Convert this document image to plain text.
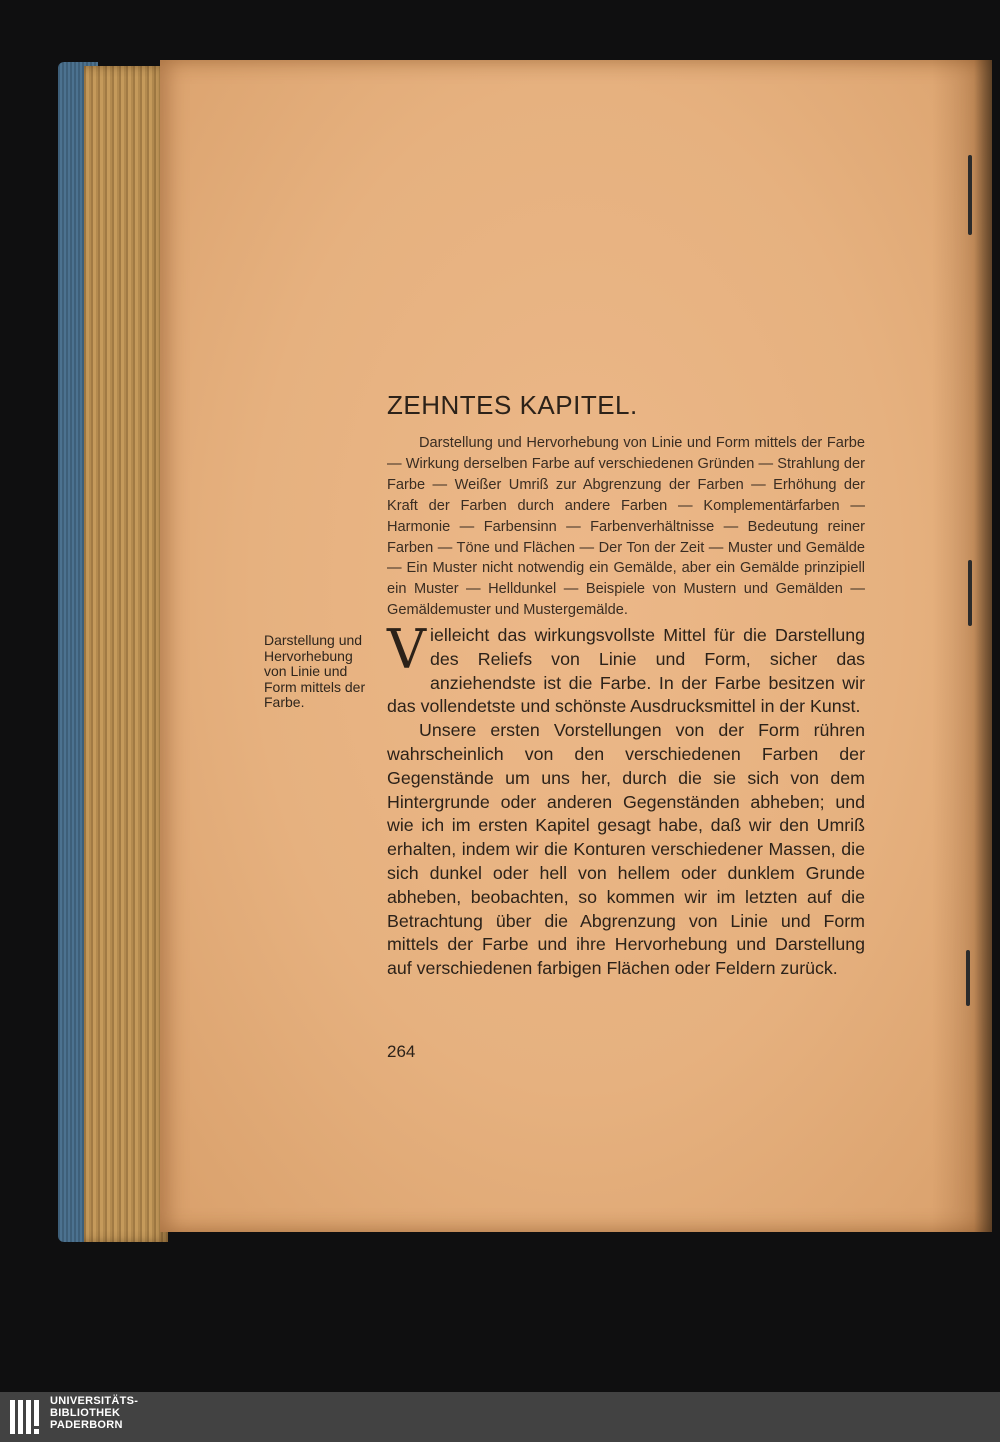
ZEHNTES KAPITEL.

Darstellung und Hervorhebung von Linie und Form mittels der Farbe — Wirkung derselben Farbe auf verschiedenen Gründen — Strahlung der Farbe — Weißer Umriß zur Abgrenzung der Farben — Erhöhung der Kraft der Farben durch andere Farben — Komplementärfarben — Harmonie — Farbensinn — Farbenverhältnisse — Bedeutung reiner Farben — Töne und Flächen — Der Ton der Zeit — Muster und Gemälde — Ein Muster nicht notwendig ein Gemälde, aber ein Gemälde prinzipiell ein Muster — Helldunkel — Beispiele von Mustern und Gemälden — Gemäldemuster und Mustergemälde.

Darstellung und Hervorhebung von Linie und Form mittels der Farbe.

Vielleicht das wirkungsvollste Mittel für die Darstellung des Reliefs von Linie und Form, sicher das anziehendste ist die Farbe. In der Farbe besitzen wir das vollendetste und schönste Ausdrucksmittel in der Kunst.

Unsere ersten Vorstellungen von der Form rühren wahrscheinlich von den verschiedenen Farben der Gegenstände um uns her, durch die sie sich von dem Hintergrunde oder anderen Gegenständen abheben; und wie ich im ersten Kapitel gesagt habe, daß wir den Umriß erhalten, indem wir die Konturen verschiedener Massen, die sich dunkel oder hell von hellem oder dunklem Grunde abheben, beobachten, so kommen wir im letzten auf die Betrachtung über die Abgrenzung von Linie und Form mittels der Farbe und ihre Hervorhebung und Darstellung auf verschiedenen farbigen Flächen oder Feldern zurück.

264

UNIVERSITÄTS-
BIBLIOTHEK
PADERBORN
